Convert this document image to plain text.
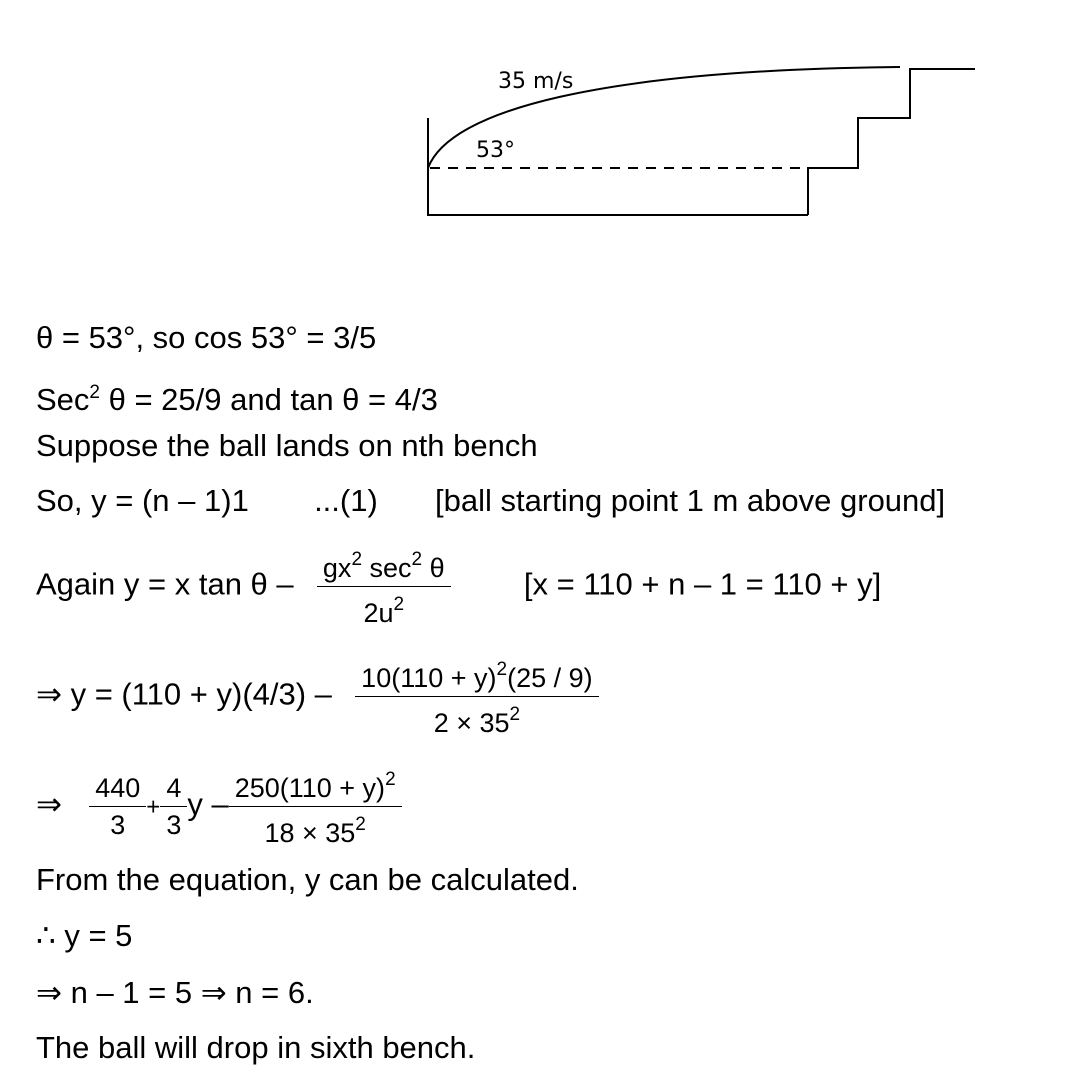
35 m/s
53°
θ = 53°, so cos 53° = 3/5
Sec$^2$ θ = 25/9 and tan θ = 4/3
Suppose the ball lands on nth bench
So, y = (n – 1)1 ...(1) [ball starting point 1 m above ground]
Again y = x $\tan \theta - \frac{gx^2 \sec^2 \theta}{2u^2} [x = 110 + n - 1 = 110 + y]$
⇒ $y = (110 + y)(4/3) - \frac{10(110 + y)^2(25 / 9)}{2 \times 35^2}$
⇒ $\frac{440}{3} + \frac{4}{3}$ y – $\frac{250(110 + y)^2}{18 \times 35^2}$
From the equation, y can be calculated.
∴ y = 5
⇒ n – 1 = 5 ⇒ n = 6.
The ball will drop in sixth bench.
